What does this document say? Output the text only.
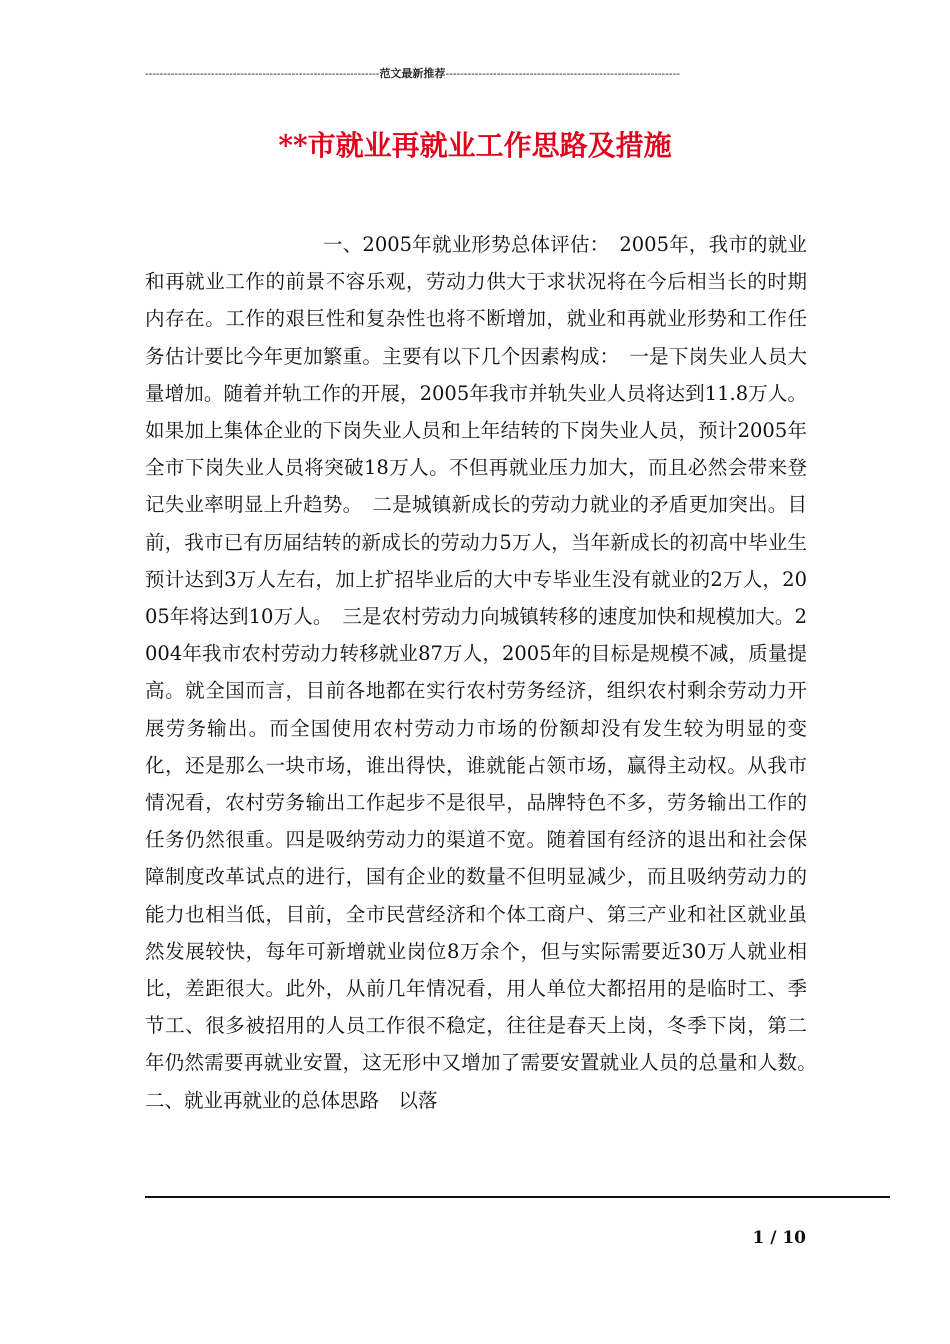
----------------------------------------------------------------范文最新推荐----------------------------------------------------------------
**市就业再就业工作思路及措施
一、2005年就业形势总体评估：　2005年，我市的就业和再就业工作的前景不容乐观，劳动力供大于求状况将在今后相当长的时期内存在。工作的艰巨性和复杂性也将不断增加，就业和再就业形势和工作任务估计要比今年更加繁重。主要有以下几个因素构成：　一是下岗失业人员大量增加。随着并轨工作的开展，2005年我市并轨失业人员将达到11.8万人。如果加上集体企业的下岗失业人员和上年结转的下岗失业人员，预计2005年全市下岗失业人员将突破18万人。不但再就业压力加大，而且必然会带来登记失业率明显上升趋势。　二是城镇新成长的劳动力就业的矛盾更加突出。目前，我市已有历届结转的新成长的劳动力5万人，当年新成长的初高中毕业生预计达到3万人左右，加上扩招毕业后的大中专毕业生没有就业的2万人，2005年将达到10万人。　三是农村劳动力向城镇转移的速度加快和规模加大。2004年我市农村劳动力转移就业87万人，2005年的目标是规模不减，质量提高。就全国而言，目前各地都在实行农村劳务经济，组织农村剩余劳动力开展劳务输出。而全国使用农村劳动力市场的份额却没有发生较为明显的变化，还是那么一块市场，谁出得快，谁就能占领市场，赢得主动权。从我市情况看，农村劳务输出工作起步不是很早，品牌特色不多，劳务输出工作的任务仍然很重。四是吸纳劳动力的渠道不宽。随着国有经济的退出和社会保障制度改革试点的进行，国有企业的数量不但明显减少，而且吸纳劳动力的能力也相当低，目前，全市民营经济和个体工商户、第三产业和社区就业虽然发展较快，每年可新增就业岗位8万余个，但与实际需要近30万人就业相比，差距很大。此外，从前几年情况看，用人单位大都招用的是临时工、季节工、很多被招用的人员工作很不稳定，往往是春天上岗，冬季下岗，第二年仍然需要再就业安置，这无形中又增加了需要安置就业人员的总量和人数。　二、就业再就业的总体思路　以落
1 / 10
